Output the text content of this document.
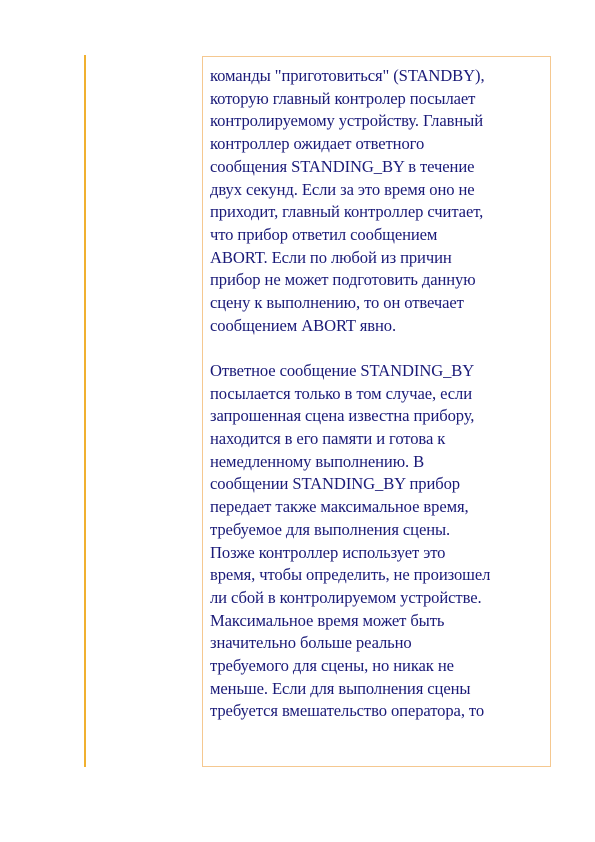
команды "приготовиться" (STANDBY),
которую главный контролер посылает
контролируемому устройству. Главный
контроллер ожидает ответного
сообщения STANDING_BY в течение
двух секунд. Если за это время оно не
приходит, главный контроллер считает,
что прибор ответил сообщением
ABORT. Если по любой из причин
прибор не может подготовить данную
сцену к выполнению, то он отвечает
сообщением ABORT явно.

Ответное сообщение STANDING_BY
посылается только в том случае, если
запрошенная сцена известна прибору,
находится в его памяти и готова к
немедленному выполнению. В
сообщении STANDING_BY прибор
передает также максимальное время,
требуемое для выполнения сцены.
Позже контроллер использует это
время, чтобы определить, не произошел
ли сбой в контролируемом устройстве.
Максимальное время может быть
значительно больше реально
требуемого для сцены, но никак не
меньше. Если для выполнения сцены
требуется вмешательство оператора, то
